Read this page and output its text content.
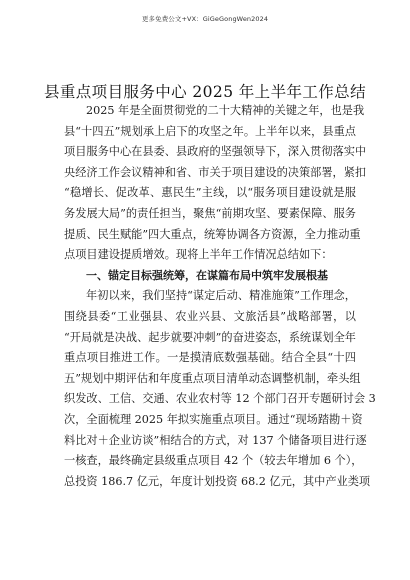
更多免费公文+VX：GiGeGongWen2024
县重点项目服务中心 2025 年上半年工作总结
2025 年是全面贯彻党的二十大精神的关键之年，也是我
县“十四五”规划承上启下的攻坚之年。上半年以来，县重点
项目服务中心在县委、县政府的坚强领导下，深入贯彻落实中
央经济工作会议精神和省、市关于项目建设的决策部署，紧扣
“稳增长、促改革、惠民生”主线，以“服务项目建设就是服
务发展大局”的责任担当，聚焦“前期攻坚、要素保障、服务
提质、民生赋能”四大重点，统筹协调各方资源，全力推动重
点项目建设提质增效。现将上半年工作情况总结如下：
一、锚定目标强统筹，在谋篇布局中筑牢发展根基
年初以来，我们坚持“谋定后动、精准施策”工作理念，
围绕县委“工业强县、农业兴县、文旅活县”战略部署，以
“开局就是决战、起步就要冲刺”的奋进姿态，系统谋划全年
重点项目推进工作。一是摸清底数强基础。结合全县“十四
五”规划中期评估和年度重点项目清单动态调整机制，牵头组
织发改、工信、交通、农业农村等 12 个部门召开专题研讨会 3
次，全面梳理 2025 年拟实施重点项目。通过“现场踏勘＋资
料比对＋企业访谈”相结合的方式，对 137 个储备项目进行逐
一核查，最终确定县级重点项目 42 个（较去年增加 6 个），
总投资 186.7 亿元，年度计划投资 68.2 亿元，其中产业类项
